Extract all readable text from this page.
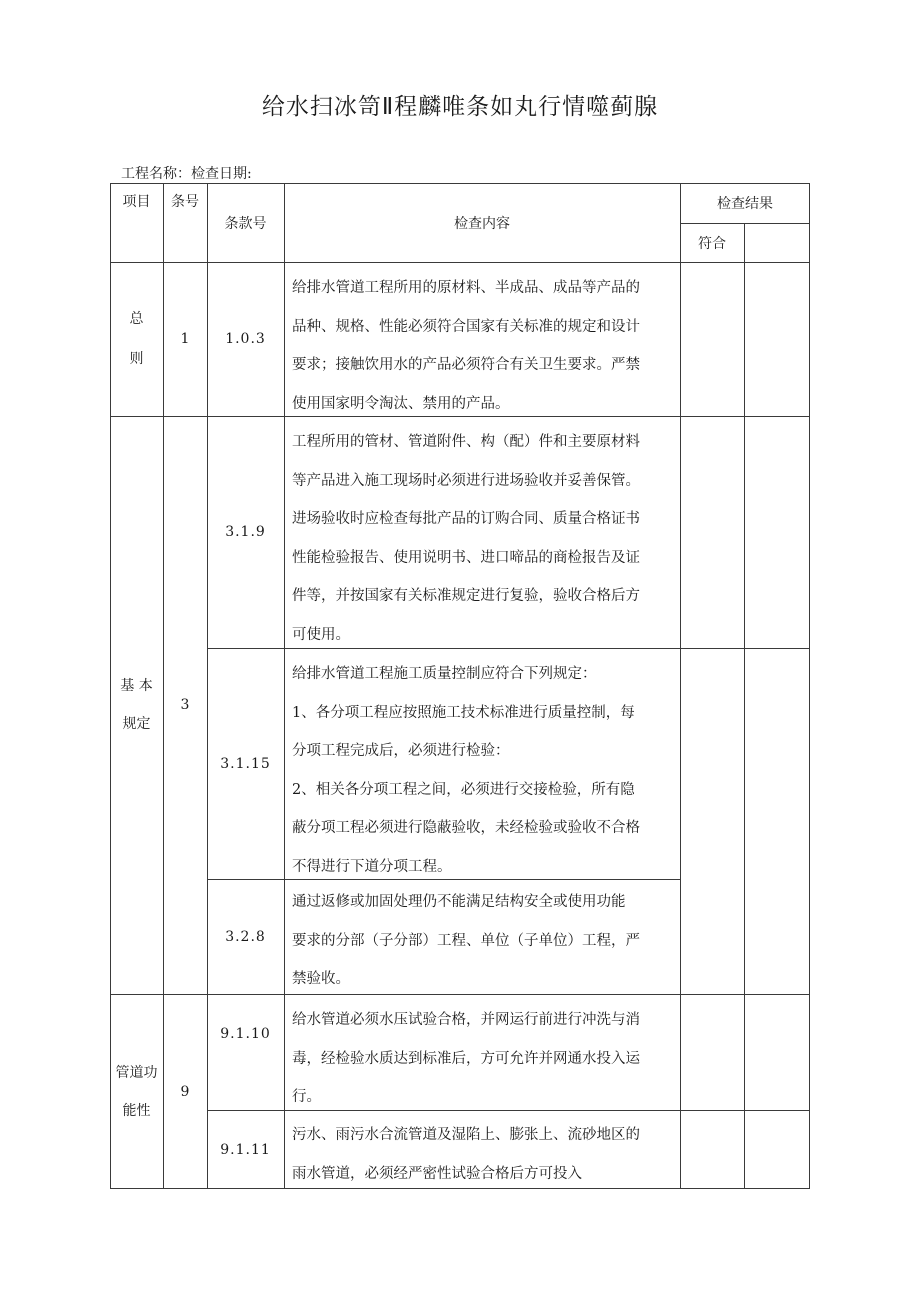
给水扫冰笥Ⅱ程麟唯条如丸行情噬蓟腺
工程名称：检查日期:
项目	条号
条款号	检查内容
检查结果
符合
总
则
1
基 本
规定
3
管道功
能性
9
1.0.3
3.1.9
3.1.15
3.2.8
9.1.10
9.1.11

给排水管道工程所用的原材料、半成品、成品等产品的

品种、规格、性能必须符合国家有关标准的规定和设计

要求；接触饮用水的产品必须符合有关卫生要求。严禁

使用国家明令淘汰、禁用的产品。

工程所用的管材、管道附件、构（配）件和主要原材料

等产品进入施工现场时必须进行进场验收并妥善保管。

进场验收时应检查每批产品的订购合同、质量合格证书

性能检验报告、使用说明书、进口啼品的商检报告及证

件等，并按国家有关标准规定进行复验，验收合格后方

可使用。

给排水管道工程施工质量控制应符合下列规定：

1、各分项工程应按照施工技术标准进行质量控制，每

分项工程完成后，必须进行检验：

2、相关各分项工程之间，必须进行交接检验，所有隐

蔽分项工程必须进行隐蔽验收，未经检验或验收不合格

不得进行下道分项工程。

通过返修或加固处理仍不能满足结构安全或使用功能

要求的分部（子分部）工程、单位（子单位）工程，严

禁验收。

给水管道必须水压试验合格，并网运行前进行冲洗与消

毒，经检验水质达到标准后，方可允许并网通水投入运

行。

污水、雨污水合流管道及湿陷上、膨张上、流砂地区的

雨水管道，必须经严密性试验合格后方可投入
